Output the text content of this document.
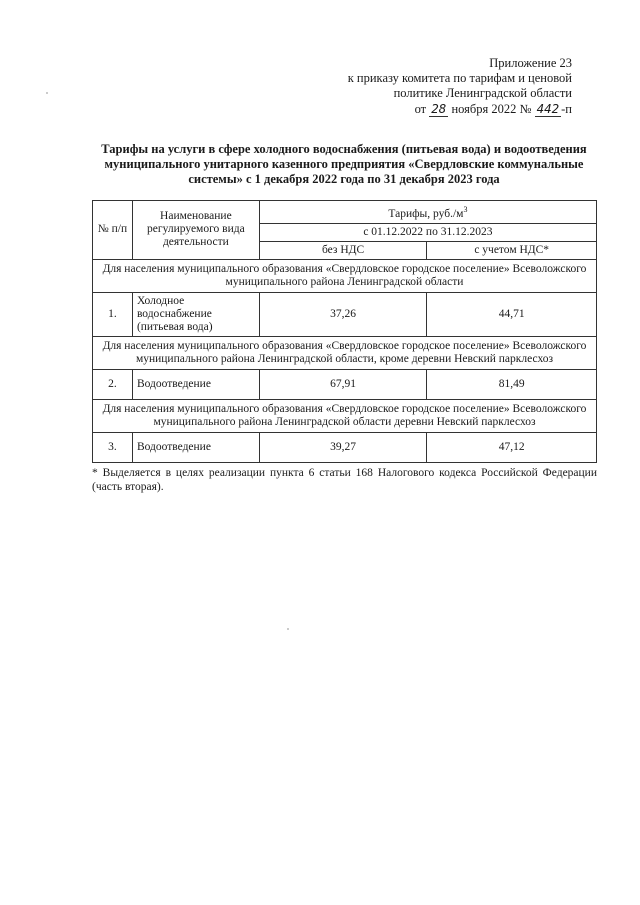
Приложение 23
к приказу комитета по тарифам и ценовой
политике Ленинградской области
от 28 ноября 2022 № 442 -п
Тарифы на услуги в сфере холодного водоснабжения (питьевая вода) и водоотведения муниципального унитарного казенного предприятия «Свердловские коммунальные системы» с 1 декабря 2022 года по 31 декабря 2023 года
№ п/п	Наименование регулируемого вида деятельности	Тарифы, $руб./м^3$
		с 01.12.2022 по 31.12.2023	
		без НДС	с учетом НДС*
Для населения муниципального образования «Свердловское городское поселение» Всеволожского муниципального района Ленинградской области			
1.	Холодное водоснабжение (питьевая вода)	37,26	44,71
Для населения муниципального образования «Свердловское городское поселение» Всеволожского муниципального района Ленинградской области, кроме деревни Невский парклесхоз			
2.	Водоотведение	67,91	81,49
Для населения муниципального образования «Свердловское городское поселение» Всеволожского муниципального района Ленинградской области деревни Невский парклесхоз			
3.	Водоотведение	39,27	47,12
* Выделяется в целях реализации пункта 6 статьи 168 Налогового кодекса Российской Федерации (часть вторая).
